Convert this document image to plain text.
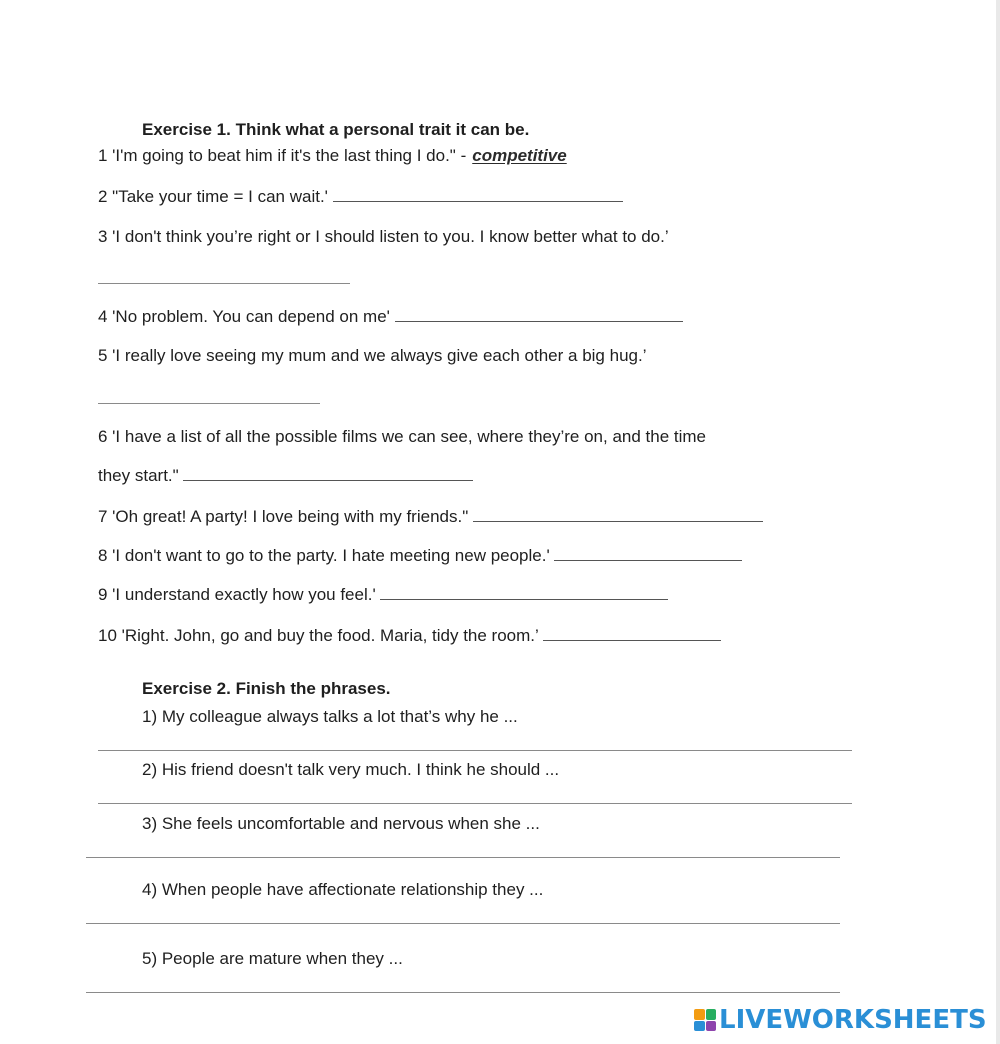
Exercise 1. Think what a personal trait it can be.
1 'I'm going to beat him if it's the last thing I do." - competitive
2 "Take your time = I can wait.'
3 'I don't think you’re right or I should listen to you. I know better what to do.’
4 'No problem. You can depend on me'
5 'I really love seeing my mum and we always give each other a big hug.’
6 'I have a list of all the possible films we can see, where they’re on, and the time
they start."
7 'Oh great! A party! I love being with my friends."
8 'I don't want to go to the party. I hate meeting new people.'
9 'I understand exactly how you feel.'
10 'Right. John, go and buy the food. Maria, tidy the room.’
Exercise 2. Finish the phrases.
1) My colleague always talks a lot that’s why he ...
2) His friend doesn't talk very much. I think he should ...
3) She feels uncomfortable and nervous when she ...
4) When people have affectionate relationship they ...
5) People are mature when they ...
LIVEWORKSHEETS
